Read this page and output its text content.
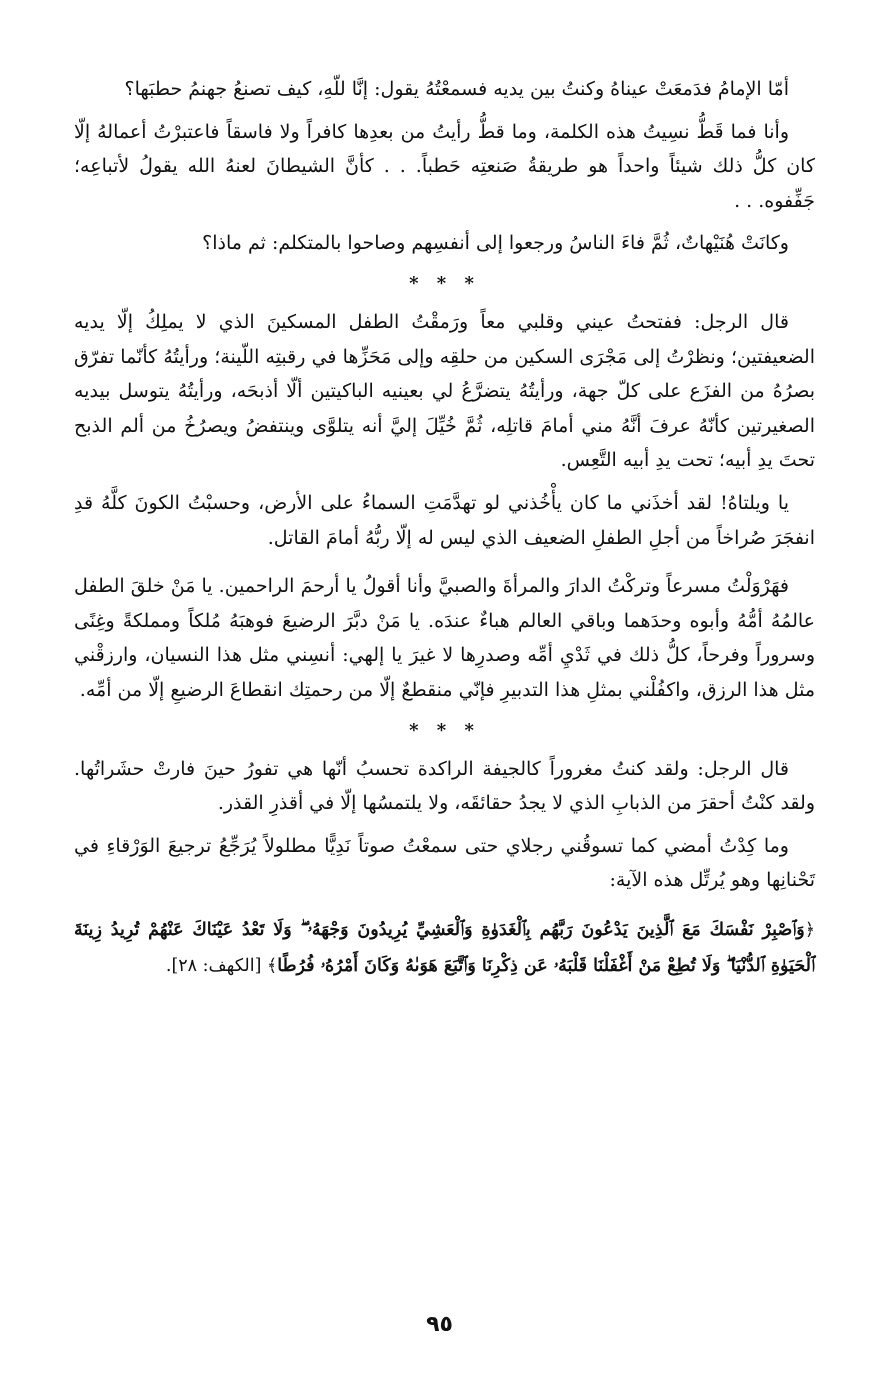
أمّا الإمامُ فدَمعَتْ عيناهُ وكنتُ بين يديه فسمعْتُهُ يقول: إنَّا للّهِ، كيف تصنعُ جهنمُ حطبَها؟

وأنا فما قَطُّ نسِيتُ هذه الكلمة، وما قطُّ رأيتُ من بعدِها كافراً ولا فاسقاً فاعتبرْتُ أعمالهُ إلّا كان كلُّ ذلك شيئاً واحداً هو طريقةُ صَنعتِه حَطباً. . . كأنَّ الشيطانَ لعنهُ الله يقولُ لأتباعِه؛ جَفِّفوه. . .

وكانَتْ هُنَيْهاتٌ، ثُمَّ فاءَ الناسُ ورجعوا إلى أنفسِهم وصاحوا بالمتكلم: ثم ماذا؟

* * *

قال الرجل: ففتحتُ عيني وقلبي معاً ورَمقْتُ الطفل المسكينَ الذي لا يملِكُ إلّا يديه الضعيفتين؛ ونظرْتُ إلى مَجْرَى السكين من حلقِه وإلى مَحَزِّها في رقبتِه اللّينة؛ ورأيتُهُ كأنّما تفرّق بصرُهُ من الفزَع على كلّ جهة، ورأيتُهُ يتضرَّعُ لي بعينيه الباكيتين ألّا أذبحَه، ورأيتُهُ يتوسل بيديه الصغيرتين كأنّهُ عرفَ أنَّهُ مني أمامَ قاتلِه، ثُمَّ خُيِّلَ إليَّ أنه يتلوَّى وينتفضُ ويصرُخُ من ألم الذبح تحتَ يدِ أبيه؛ تحت يدِ أبيه التَّعِس.

يا ويلتاهُ! لقد أخذَني ما كان يأْخُذني لو تهدَّمَتِ السماءُ على الأرض، وحسبْتُ الكونَ كلَّهُ قدِ انفجَرَ صُراخاً من أجلِ الطفلِ الضعيف الذي ليس له إلّا ربُّهُ أمامَ القاتل.

فهَرْوَلْتُ مسرعاً وتركْتُ الدارَ والمرأةَ والصبيَّ وأنا أقولُ يا أرحمَ الراحمين. يا مَنْ خلقَ الطفل عالمُهُ أمُّهُ وأبوه وحدَهما وباقي العالم هباءٌ عندَه. يا مَنْ دبَّرَ الرضيعَ فوهبَهُ مُلكاً ومملكةً وغِنًى وسروراً وفرحاً، كلُّ ذلك في ثَدْيِ أمِّه وصدرِها لا غيرَ يا إلهي: أنسِني مثل هذا النسيان، وارزقْني مثل هذا الرزق، واكفُلْني بمثلِ هذا التدبيرِ فإنّي منقطعٌ إلّا من رحمتِك انقطاعَ الرضيعِ إلّا من أمِّه.

* * *

قال الرجل: ولقد كنتُ مغروراً كالجيفة الراكدة تحسبُ أنّها هي تفورُ حينَ فارتْ حشَراتُها. ولقد كنْتُ أحقرَ من الذبابِ الذي لا يجدُ حقائقَه، ولا يلتمسُها إلّا في أقذرِ القذر.

وما كِدْتُ أمضي كما تسوقُني رجلاي حتى سمعْتُ صوتاً نَدِيًّا مطلولاً يُرَجِّعُ ترجيعَ الوَرْقاءِ في تَحْنانِها وهو يُرتِّل هذه الآية:

﴿وَٱصْبِرْ نَفْسَكَ مَعَ ٱلَّذِينَ يَدْعُونَ رَبَّهُم بِٱلْغَدَوٰةِ وَٱلْعَشِيِّ يُرِيدُونَ وَجْهَهُۥ ۖ وَلَا تَعْدُ عَيْنَاكَ عَنْهُمْ تُرِيدُ زِينَةَ ٱلْحَيَوٰةِ ٱلدُّنْيَا ۖ وَلَا تُطِعْ مَنْ أَغْفَلْنَا قَلْبَهُۥ عَن ذِكْرِنَا وَٱتَّبَعَ هَوَىٰهُ وَكَانَ أَمْرُهُۥ فُرُطًا﴾ [الكهف: ٢٨].

٩٥
